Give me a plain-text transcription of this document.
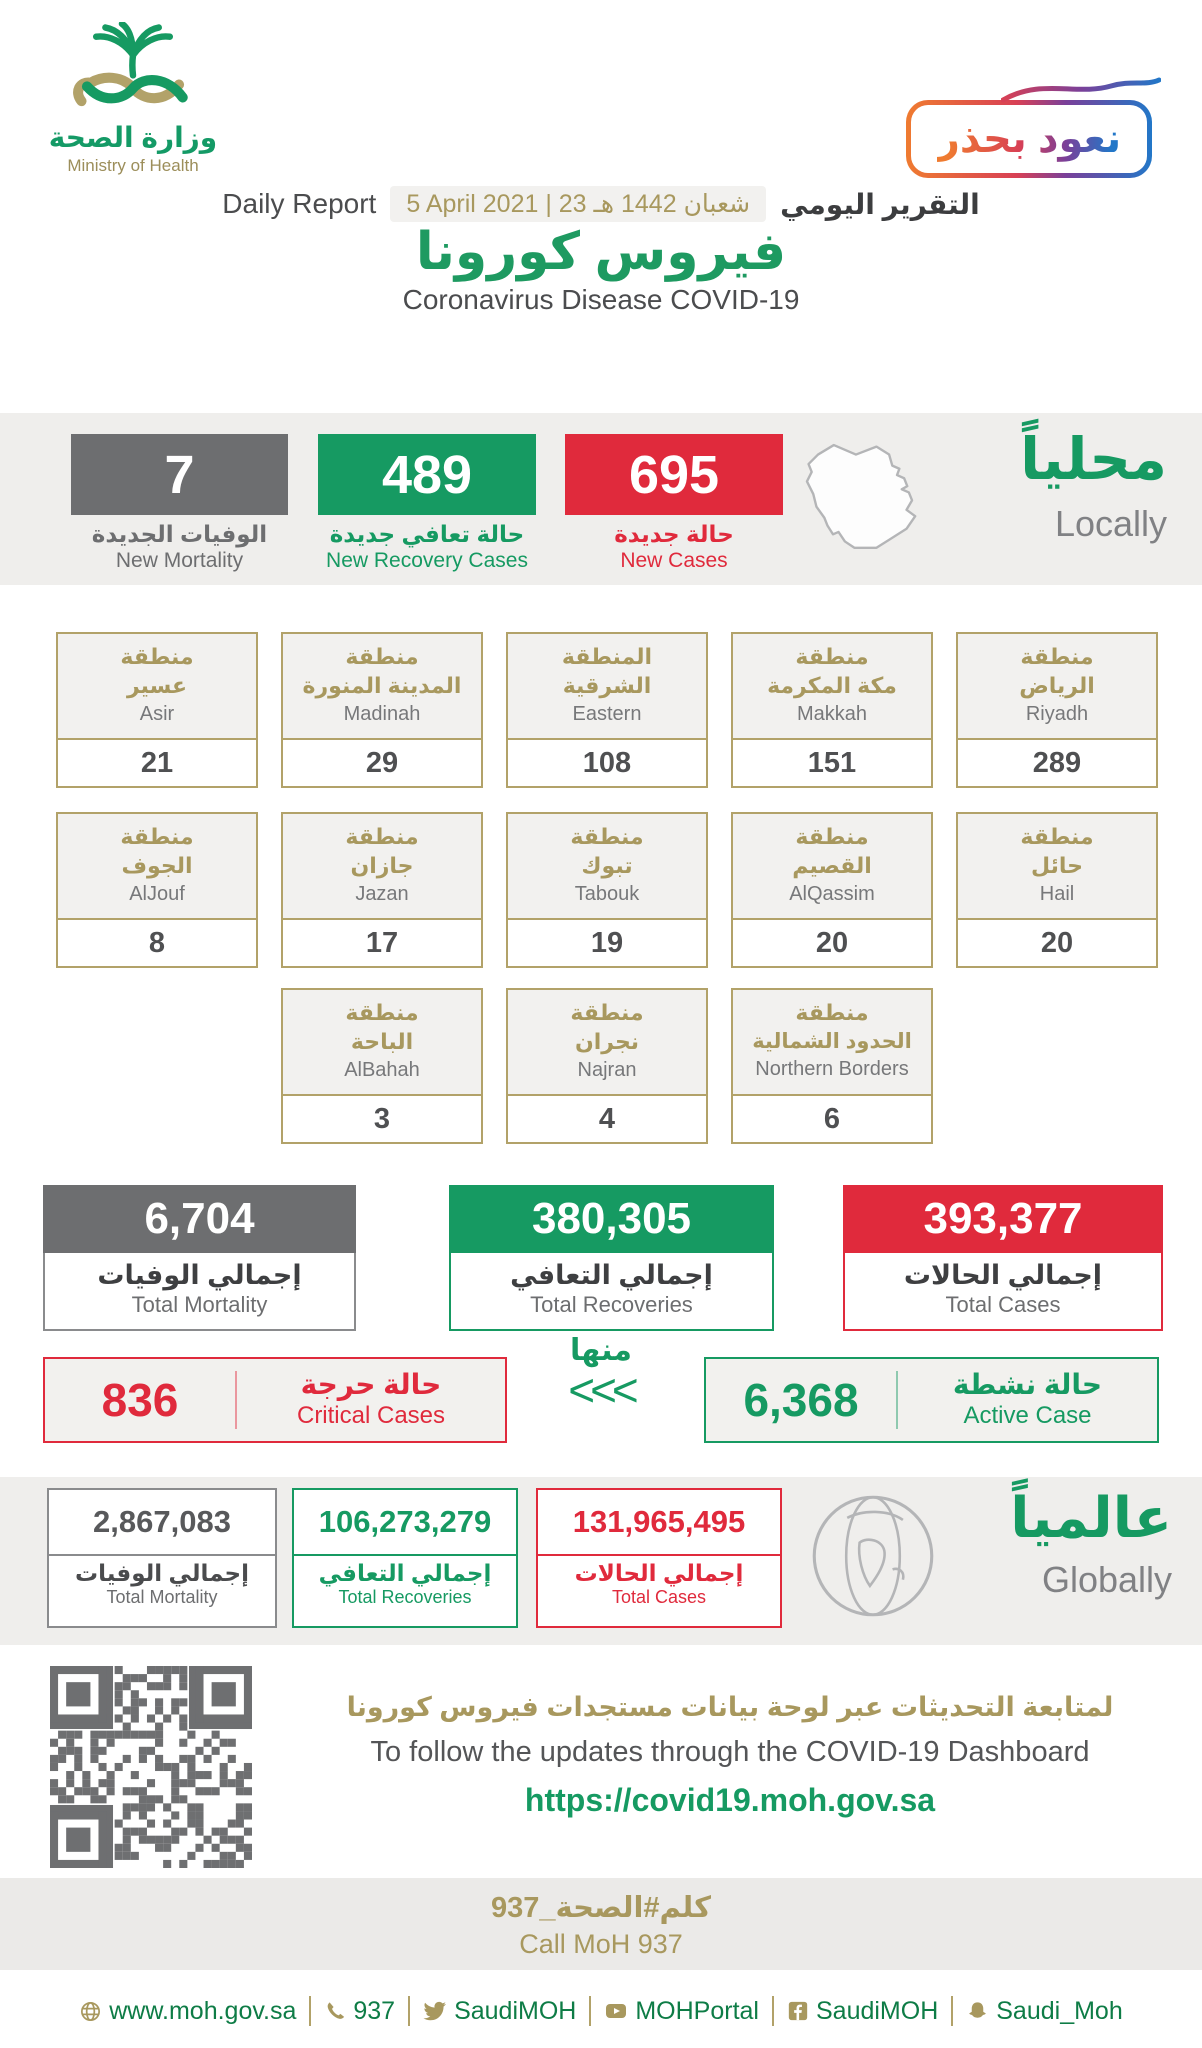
وزارة الصحة
Ministry of Health
نعود بحذر
Daily Report	5 April 2021 | 23 شعبان 1442 هـ	التقرير اليومي
فيروس كورونا
Coronavirus Disease COVID-19
7
الوفيات الجديدة
New Mortality
489
حالة تعافي جديدة
New Recovery Cases
695
حالة جديدة
New Cases
محلياً
Locally
منطقة
عسير
Asir
21
منطقة
المدينة المنورة
Madinah
29
المنطقة
الشرقية
Eastern
108
منطقة
مكة المكرمة
Makkah
151
منطقة
الرياض
Riyadh
289
منطقة
الجوف
AlJouf
8
منطقة
جازان
Jazan
17
منطقة
تبوك
Tabouk
19
منطقة
القصيم
AlQassim
20
منطقة
حائل
Hail
20
منطقة
الباحة
AlBahah
3
منطقة
نجران
Najran
4
منطقة
الحدود الشمالية
Northern Borders
6
6,704
إجمالي الوفيات
Total Mortality
380,305
إجمالي التعافي
Total Recoveries
393,377
إجمالي الحالات
Total Cases
منها
<<<
836	حالة حرجة
Critical Cases	6,368	حالة نشطة
Active Case
2,867,083
إجمالي الوفيات
Total Mortality
106,273,279
إجمالي التعافي
Total Recoveries
131,965,495
إجمالي الحالات
Total Cases
عالمياً
Globally
لمتابعة التحديثات عبر لوحة بيانات مستجدات فيروس كورونا
To follow the updates through the COVID-19 Dashboard
https://covid19.moh.gov.sa
كلم#الصحة_937
Call MoH 937
www.moh.gov.sa 937 SaudiMOH MOHPortal SaudiMOH Saudi_Moh
